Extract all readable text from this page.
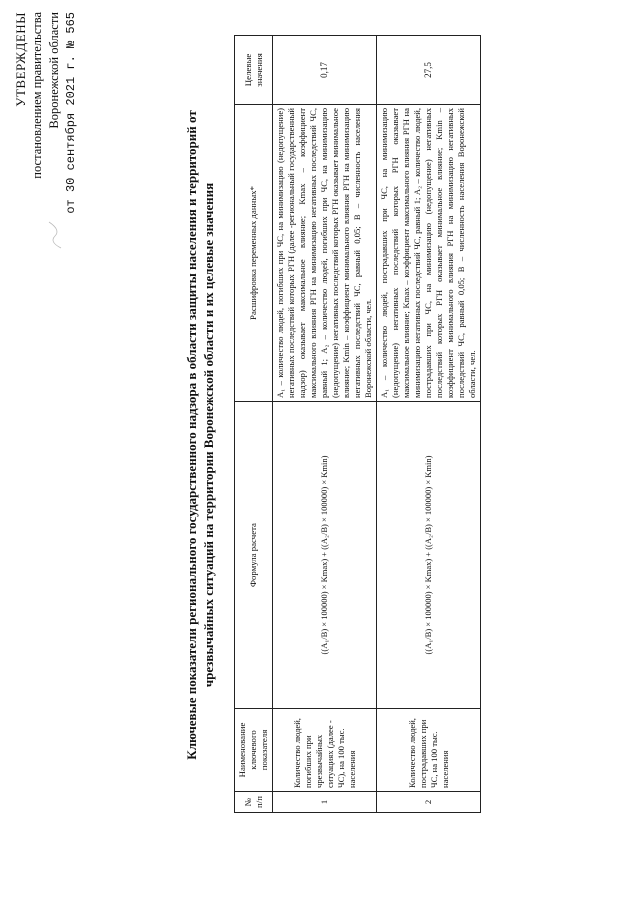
УТВЕРЖДЕНЫ постановлением правительства Воронежской области от 30 сентября 2021 г. № 565	Ключевые показатели регионального государственного надзора в области защиты населения и территорий от чрезвычайных ситуаций на территории Воронежской области и их целевые значения
№ п/п	Наименование ключевого показателя	Формула расчета	Расшифровка переменных данных*	Целевые значения
1	Количество людей, погибших при чрезвычайных ситуациях (далее - ЧС), на 100 тыс. населения	((A₁/B) × 100000) × Kmax) + ((A₂/B) × 100000) × Kmin)	A₁ – количество людей, погибших при ЧС, на минимизацию (недопущение) негативных последствий которых РГН (далее -региональный государственный надзор) оказывает максимальное влияние; Kmax – коэффициент максимального влияния РГН на минимизацию негативных последствий ЧС, равный 1; A₂ – количество людей, погибших при ЧС, на минимизацию (недопущение) негативных последствий которых РГН оказывает минимальное влияние; Kmin – коэффициент минимального влияния РГН на минимизацию негативных последствий ЧС, равный 0,05; B – численность населения Воронежской области, чел.	0,17
2	Количество людей, пострадавших при ЧС, на 100 тыс. населения	((A₁/B) × 100000) × Kmax) + ((A₂/B) × 100000) × Kmin)	A₁ – количество людей, пострадавших при ЧС, на минимизацию (недопущение) негативных последствий которых РГН оказывает максимальное влияние; Kmax – коэффициент максимального влияния РГН на минимизацию негативных последствий ЧС, равный 1; A₂ – количество людей, пострадавших при ЧС, на минимизацию (недопущение) негативных последствий которых РГН оказывает минимальное влияние; Kmin – коэффициент минимального влияния РГН на минимизацию негативных последствий ЧС, равный 0,05; B – численность населения Воронежской области, чел.	27,5
